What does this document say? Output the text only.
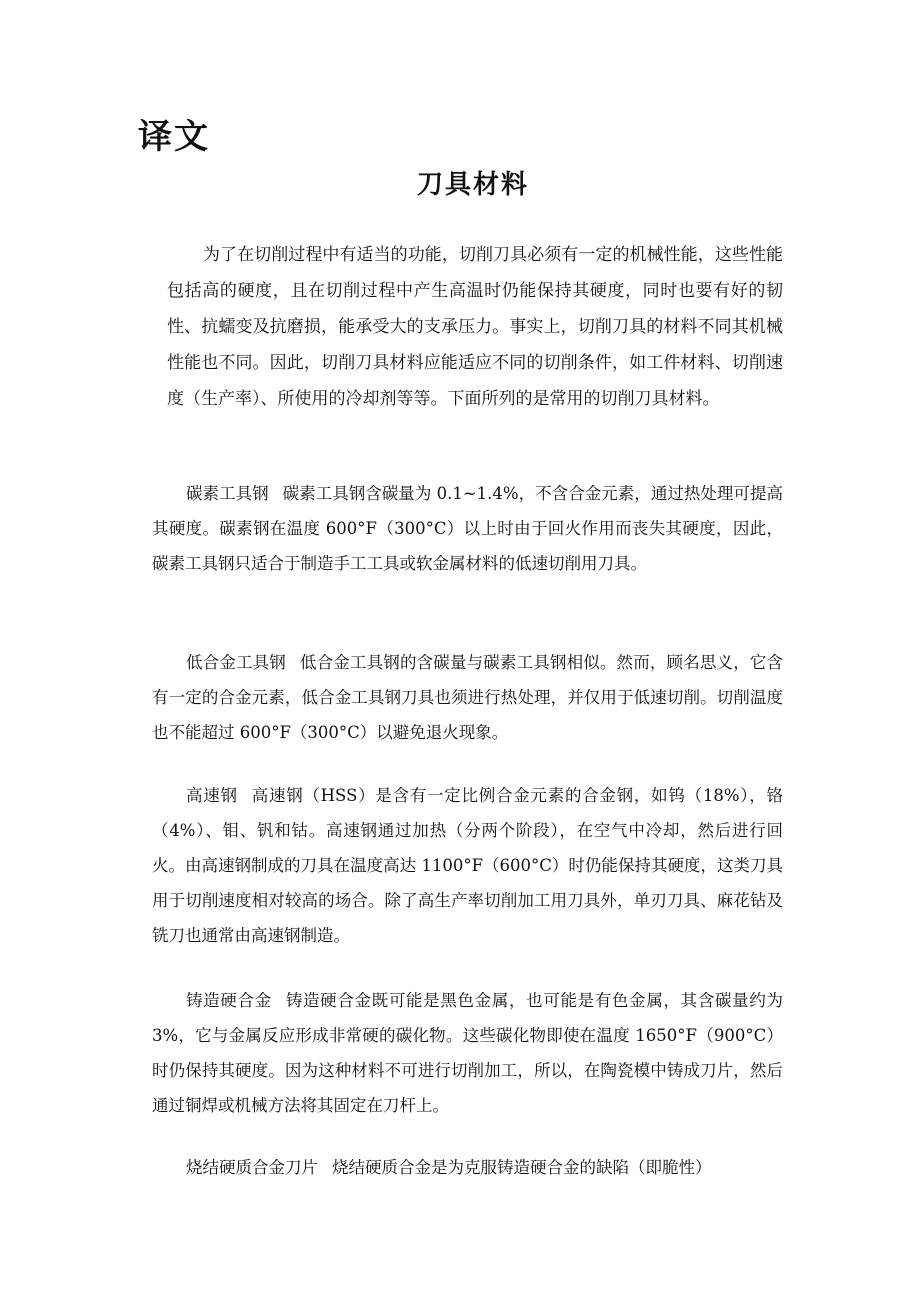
译文
刀具材料

为了在切削过程中有适当的功能，切削刀具必须有一定的机械性能，这些性能包括高的硬度，且在切削过程中产生高温时仍能保持其硬度，同时也要有好的韧性、抗蠕变及抗磨损，能承受大的支承压力。事实上，切削刀具的材料不同其机械性能也不同。因此，切削刀具材料应能适应不同的切削条件，如工件材料、切削速度（生产率）、所使用的冷却剂等等。下面所列的是常用的切削刀具材料。

碳素工具钢 碳素工具钢含碳量为 0.1~1.4%，不含合金元素，通过热处理可提高其硬度。碳素钢在温度 600°F（300°C）以上时由于回火作用而丧失其硬度，因此，碳素工具钢只适合于制造手工工具或软金属材料的低速切削用刀具。

低合金工具钢 低合金工具钢的含碳量与碳素工具钢相似。然而，顾名思义，它含有一定的合金元素，低合金工具钢刀具也须进行热处理，并仅用于低速切削。切削温度也不能超过 600°F（300°C）以避免退火现象。

高速钢 高速钢（HSS）是含有一定比例合金元素的合金钢，如钨（18%），铬（4%）、钼、钒和钴。高速钢通过加热（分两个阶段），在空气中冷却，然后进行回火。由高速钢制成的刀具在温度高达 1100°F（600°C）时仍能保持其硬度，这类刀具用于切削速度相对较高的场合。除了高生产率切削加工用刀具外，单刃刀具、麻花钻及铣刀也通常由高速钢制造。

铸造硬合金 铸造硬合金既可能是黑色金属，也可能是有色金属，其含碳量约为 3%，它与金属反应形成非常硬的碳化物。这些碳化物即使在温度 1650°F（900°C）时仍保持其硬度。因为这种材料不可进行切削加工，所以，在陶瓷模中铸成刀片，然后通过铜焊或机械方法将其固定在刀杆上。

烧结硬质合金刀片 烧结硬质合金是为克服铸造硬合金的缺陷（即脆性）
